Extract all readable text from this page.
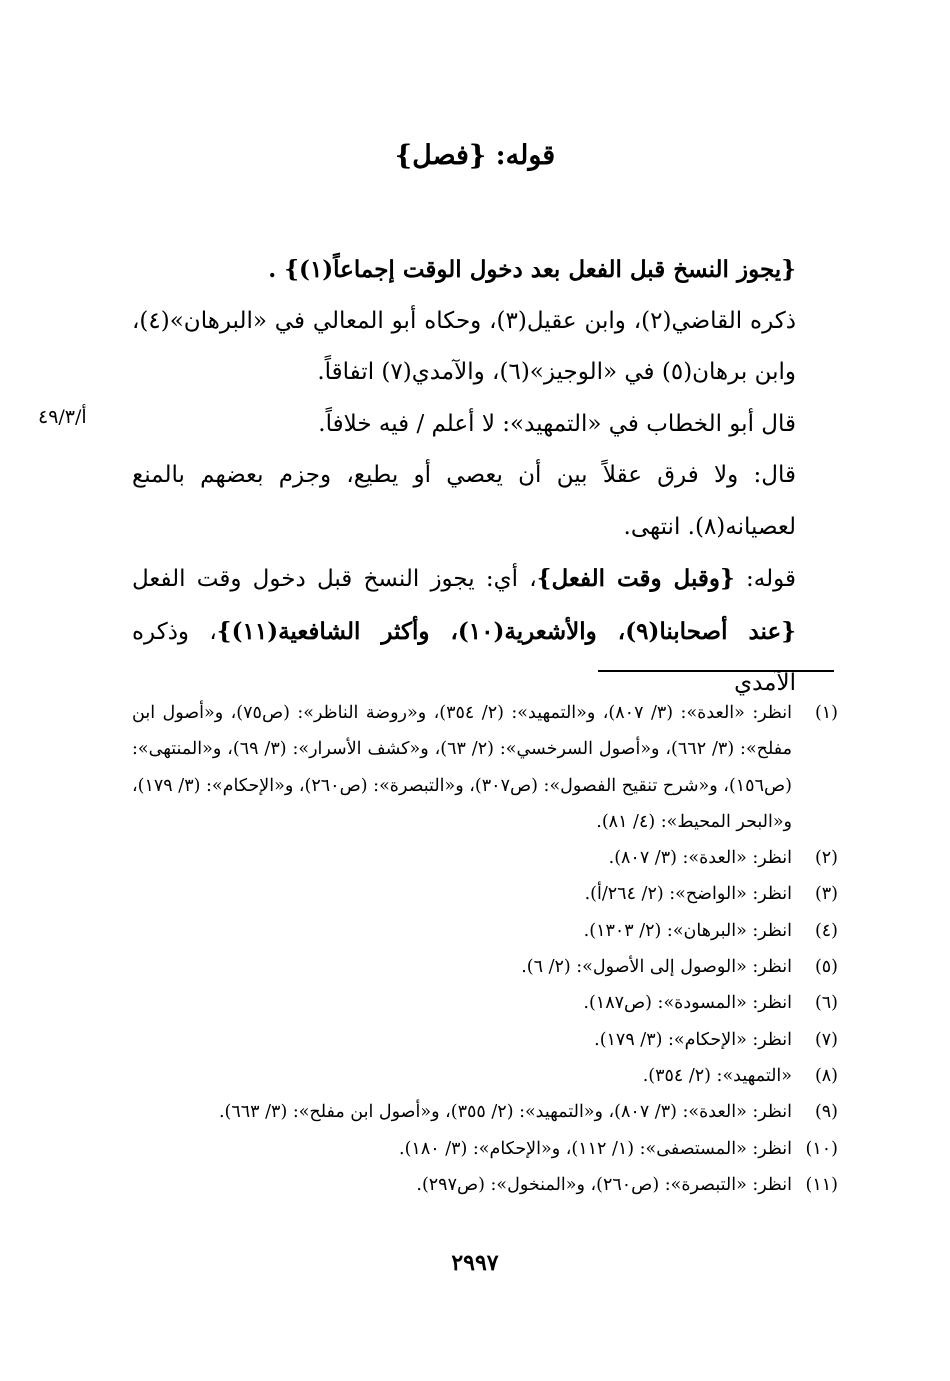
قوله: {فصل}
أ/٤٩/٣

{يجوز النسخ قبل الفعل بعد دخول الوقت إجماعاً(١)} .

ذكره القاضي(٢)، وابن عقيل(٣)، وحكاه أبو المعالي في «البرهان»(٤)، وابن برهان(٥) في «الوجيز»(٦)، والآمدي(٧) اتفاقاً.

قال أبو الخطاب في «التمهيد»: لا أعلم / فيه خلافاً.

قال: ولا فرق عقلاً بين أن يعصي أو يطيع، وجزم بعضهم بالمنع لعصيانه(٨). انتهى.

قوله: {وقبل وقت الفعل}، أي: يجوز النسخ قبل دخول وقت الفعل {عند أصحابنا(٩)، والأشعرية(١٠)، وأكثر الشافعية(١١)}، وذكره الآمدي

(١)
انظر: «العدة»: (٣/ ٨٠٧)، و«التمهيد»: (٢/ ٣٥٤)، و«روضة الناظر»: (ص٧٥)، و«أصول ابن مفلح»: (٣/ ٦٦٢)، و«أصول السرخسي»: (٢/ ٦٣)، و«كشف الأسرار»: (٣/ ٦٩)، و«المنتهى»: (ص١٥٦)، و«شرح تنقيح الفصول»: (ص٣٠٧)، و«التبصرة»: (ص٢٦٠)، و«الإحكام»: (٣/ ١٧٩)، و«البحر المحيط»: (٤/ ٨١).
(٢)
انظر: «العدة»: (٣/ ٨٠٧).
(٣)
انظر: «الواضح»: (٢/ ٢٦٤/أ).
(٤)
انظر: «البرهان»: (٢/ ١٣٠٣).
(٥)
انظر: «الوصول إلى الأصول»: (٢/ ٦).
(٦)
انظر: «المسودة»: (ص١٨٧).
(٧)
انظر: «الإحكام»: (٣/ ١٧٩).
(٨)
«التمهيد»: (٢/ ٣٥٤).
(٩)
انظر: «العدة»: (٣/ ٨٠٧)، و«التمهيد»: (٢/ ٣٥٥)، و«أصول ابن مفلح»: (٣/ ٦٦٣).
(١٠)
انظر: «المستصفى»: (١/ ١١٢)، و«الإحكام»: (٣/ ١٨٠).
(١١)
انظر: «التبصرة»: (ص٢٦٠)، و«المنخول»: (ص٢٩٧).
٢٩٩٧
